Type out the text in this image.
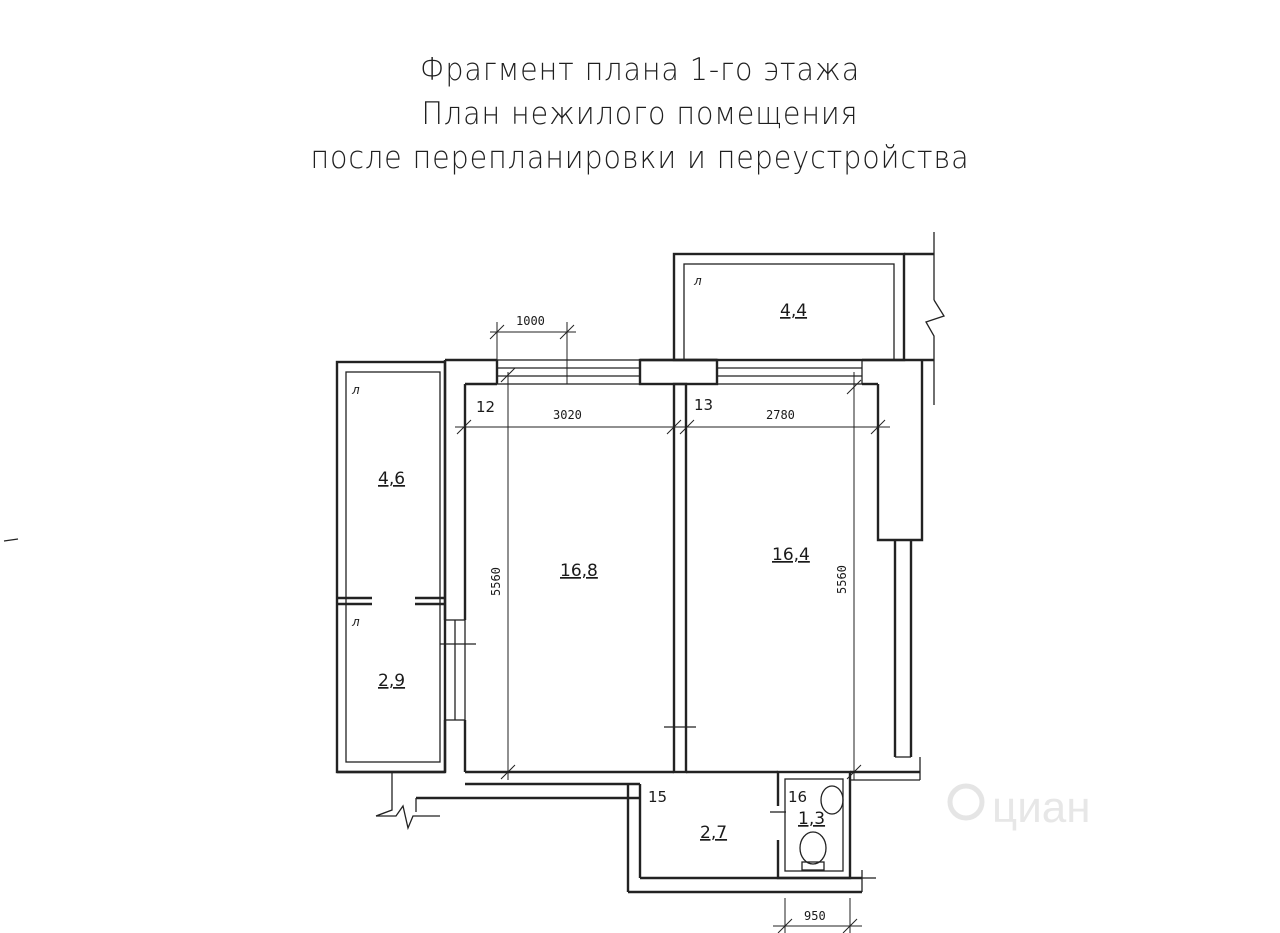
Фрагмент плана 1-го этажа
План нежилого помещения
после перепланировки и переустройства
циан
л
4,4
л
4,6
л
2,9
15
2,7
16
1,3
12
16,8
13
16,4
1000
3020	2780
5560	5560
950
